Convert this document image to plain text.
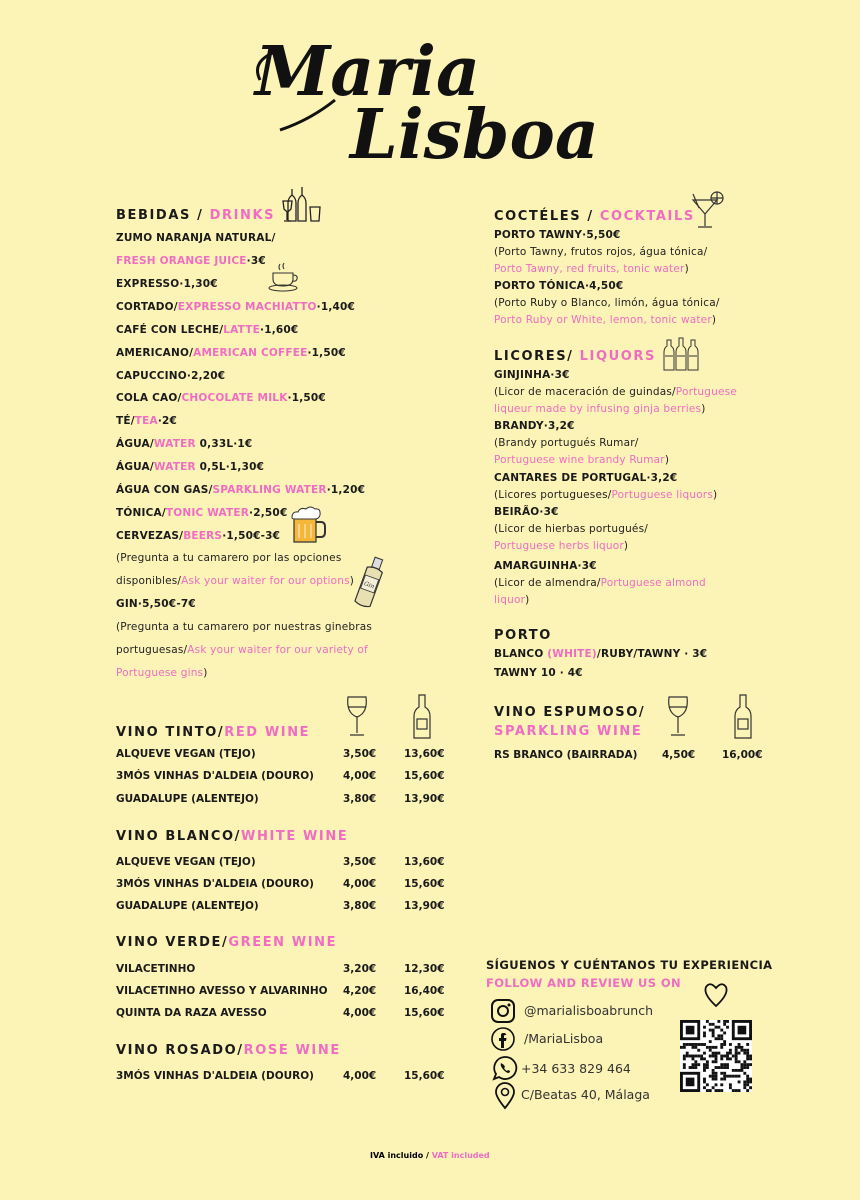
Maria
Lisboa
BEBIDAS / DRINKS
ZUMO NARANJA NATURAL/
FRESH ORANGE JUICE·3€
EXPRESSO·1,30€
CORTADO/EXPRESSO MACHIATTO·1,40€
CAFÉ CON LECHE/LATTE·1,60€
AMERICANO/AMERICAN COFFEE·1,50€
CAPUCCINO·2,20€
COLA CAO/CHOCOLATE MILK·1,50€
TÉ/TEA·2€
ÁGUA/WATER 0,33L·1€
ÁGUA/WATER 0,5L·1,30€
ÁGUA CON GAS/SPARKLING WATER·1,20€
TÓNICA/TONIC WATER·2,50€
CERVEZAS/BEERS·1,50€-3€
(Pregunta a tu camarero por las opciones
disponibles/Ask your waiter for our options) Gin
GIN·5,50€-7€
(Pregunta a tu camarero por nuestras ginebras
portuguesas/Ask your waiter for our variety of
Portuguese gins)
COCTÉLES / COCKTAILS
PORTO TAWNY·5,50€
(Porto Tawny, frutos rojos, água tónica/
Porto Tawny, red fruits, tonic water)
PORTO TÓNICA·4,50€
(Porto Ruby o Blanco, limón, água tónica/
Porto Ruby or White, lemon, tonic water)
LICORES/ LIQUORS
GINJINHA·3€
(Licor de maceración de guindas/Portuguese
liqueur made by infusing ginja berries)
BRANDY·3,2€
(Brandy portugués Rumar/
Portuguese wine brandy Rumar)
CANTARES DE PORTUGAL·3,2€
(Licores portugueses/Portuguese liquors)
BEIRÃO·3€
(Licor de hierbas portugués/
Portuguese herbs liquor)
AMARGUINHA·3€
(Licor de almendra/Portuguese almond
liquor)
PORTO
BLANCO (WHITE)/RUBY/TAWNY · 3€
TAWNY 10 · 4€
VINO TINTO/RED WINE
ALQUEVE VEGAN (TEJO)	3,50€	13,60€
3MÓS VINHAS D'ALDEIA (DOURO)	4,00€	15,60€
GUADALUPE (ALENTEJO)	3,80€	13,90€
VINO BLANCO/WHITE WINE
ALQUEVE VEGAN (TEJO)	3,50€	13,60€
3MÓS VINHAS D'ALDEIA (DOURO)	4,00€	15,60€
GUADALUPE (ALENTEJO)	3,80€	13,90€
VINO VERDE/GREEN WINE
VILACETINHO	3,20€	12,30€
VILACETINHO AVESSO Y ALVARINHO 4,20€	16,40€
QUINTA DA RAZA AVESSO	4,00€	15,60€
VINO ROSADO/ROSE WINE
3MÓS VINHAS D'ALDEIA (DOURO)	4,00€	15,60€
VINO ESPUMOSO/
SPARKLING WINE
RS BRANCO (BAIRRADA) 4,50€	16,00€
SÍGUENOS Y CUÉNTANOS TU EXPERIENCIA
FOLLOW AND REVIEW US ON
@marialisboabrunch
/MariaLisboa
+34 633 829 464
C/Beatas 40, Málaga
IVA incluido / VAT included
